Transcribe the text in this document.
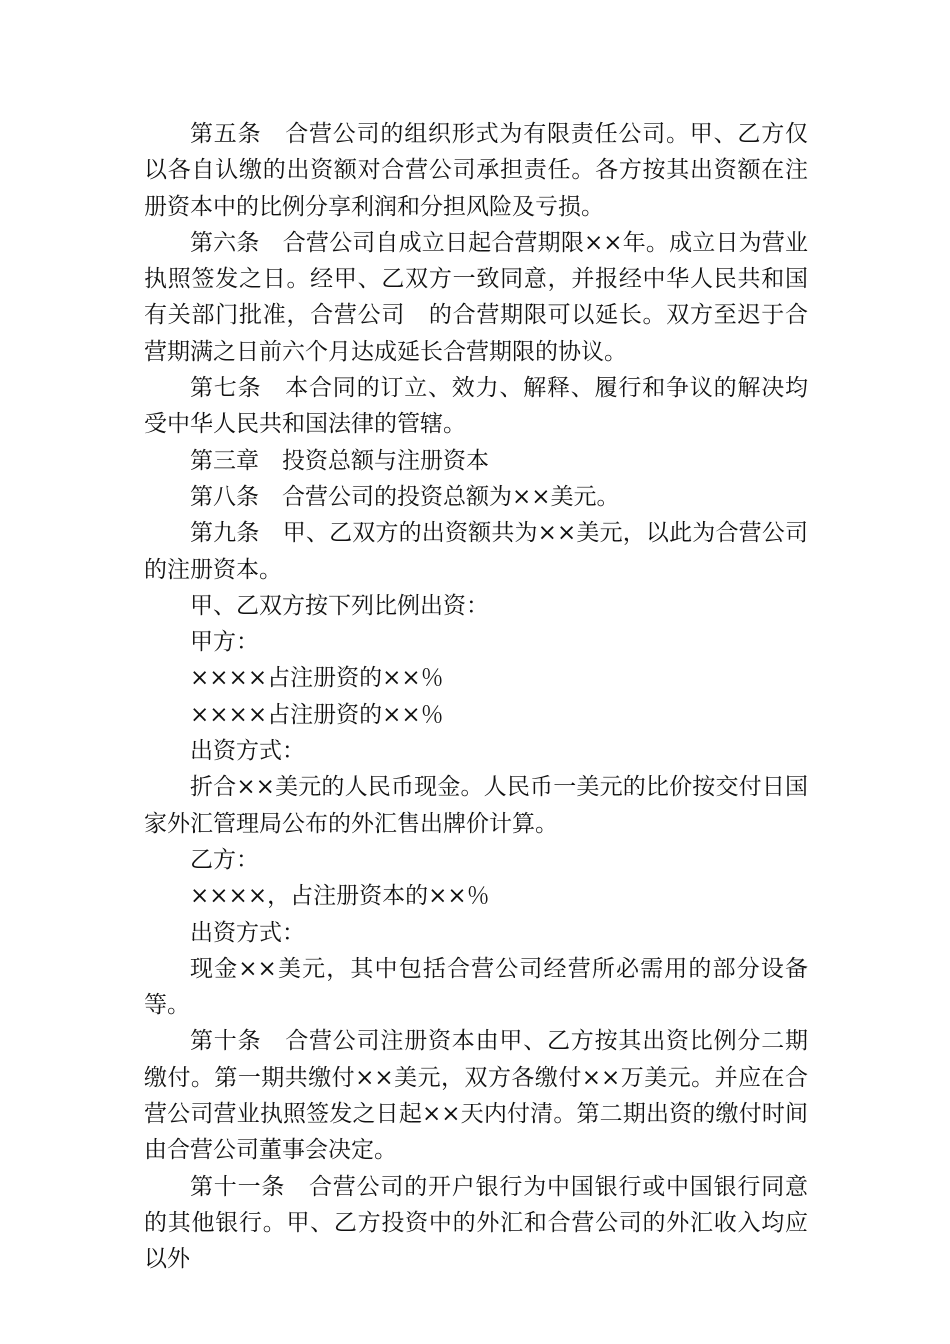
第五条　合营公司的组织形式为有限责任公司。甲、乙方仅以各自认缴的出资额对合营公司承担责任。各方按其出资额在注册资本中的比例分享利润和分担风险及亏损。

第六条　合营公司自成立日起合营期限××年。成立日为营业执照签发之日。经甲、乙双方一致同意，并报经中华人民共和国有关部门批准，合营公司　的合营期限可以延长。双方至迟于合营期满之日前六个月达成延长合营期限的协议。

第七条　本合同的订立、效力、解释、履行和争议的解决均受中华人民共和国法律的管辖。

第三章　投资总额与注册资本

第八条　合营公司的投资总额为××美元。

第九条　甲、乙双方的出资额共为××美元，以此为合营公司的注册资本。

甲、乙双方按下列比例出资：

甲方：

××××占注册资的××％

××××占注册资的××％

出资方式：

折合××美元的人民币现金。人民币一美元的比价按交付日国家外汇管理局公布的外汇售出牌价计算。

乙方：

××××，占注册资本的××％

出资方式：

现金××美元，其中包括合营公司经营所必需用的部分设备等。

第十条　合营公司注册资本由甲、乙方按其出资比例分二期缴付。第一期共缴付××美元，双方各缴付××万美元。并应在合营公司营业执照签发之日起××天内付清。第二期出资的缴付时间由合营公司董事会决定。

第十一条　合营公司的开户银行为中国银行或中国银行同意的其他银行。甲、乙方投资中的外汇和合营公司的外汇收入均应以外
